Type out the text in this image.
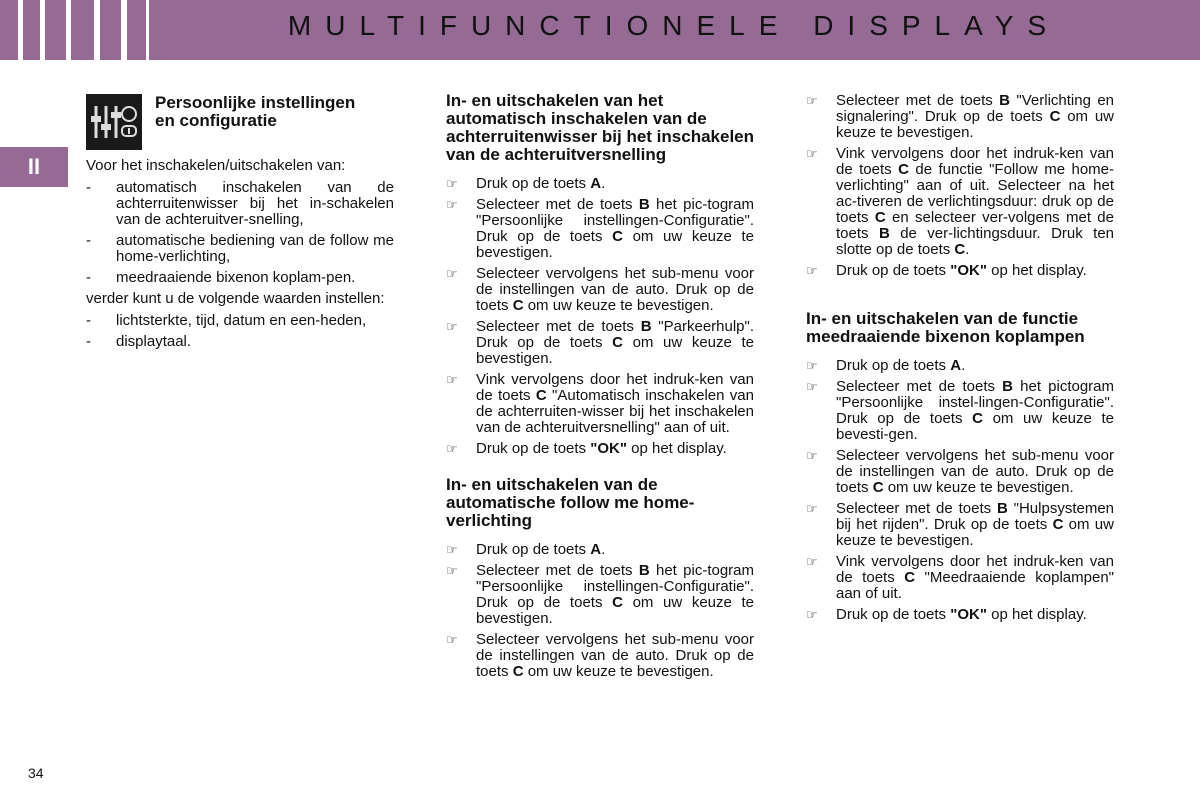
MULTIFUNCTIONELE DISPLAYS
II
Persoonlijke instellingen en configuratie

Voor het inschakelen/uitschakelen van:

- automatisch inschakelen van de achterruitenwisser bij het in-schakelen van de achteruitver-snelling,
- automatische bediening van de follow me home-verlichting,
- meedraaiende bixenon koplam-pen.

verder kunt u de volgende waarden instellen:

- lichtsterkte, tijd, datum en een-heden,
- displaytaal.
In- en uitschakelen van het automatisch inschakelen van de achterruitenwisser bij het inschakelen van de achteruitversnelling
☞	Druk op de toets A.
☞	Selecteer met de toets B het pic-togram "Persoonlijke instellingen-Configuratie". Druk op de toets C om uw keuze te bevestigen.
☞	Selecteer vervolgens het sub-menu voor de instellingen van de auto. Druk op de toets C om uw keuze te bevestigen.
☞	Selecteer met de toets B "Parkeerhulp". Druk op de toets C om uw keuze te bevestigen.
☞	Vink vervolgens door het indruk-ken van de toets C "Automatisch inschakelen van de achterruiten-wisser bij het inschakelen van de achteruitversnelling" aan of uit.
☞	Druk op de toets "OK" op het display.
In- en uitschakelen van de automatische follow me home-verlichting
☞	Druk op de toets A.
☞	Selecteer met de toets B het pic-togram "Persoonlijke instellingen-Configuratie". Druk op de toets C om uw keuze te bevestigen.
☞	Selecteer vervolgens het sub-menu voor de instellingen van de auto. Druk op de toets C om uw keuze te bevestigen.
☞	Selecteer met de toets B "Verlichting en signalering". Druk op de toets C om uw keuze te bevestigen.
☞	Vink vervolgens door het indruk-ken van de toets C de functie "Follow me home-verlichting" aan of uit. Selecteer na het ac-tiveren de verlichtingsduur: druk op de toets C en selecteer ver-volgens met de toets B de ver-lichtingsduur. Druk ten slotte op de toets C.
☞	Druk op de toets "OK" op het display.
In- en uitschakelen van de functie meedraaiende bixenon koplampen
☞	Druk op de toets A.
☞	Selecteer met de toets B het pictogram "Persoonlijke instel-lingen-Configuratie". Druk op de toets C om uw keuze te bevesti-gen.
☞	Selecteer vervolgens het sub-menu voor de instellingen van de auto. Druk op de toets C om uw keuze te bevestigen.
☞	Selecteer met de toets B "Hulpsystemen bij het rijden". Druk op de toets C om uw keuze te bevestigen.
☞	Vink vervolgens door het indruk-ken van de toets C "Meedraaiende koplampen" aan of uit.
☞	Druk op de toets "OK" op het display.
34
